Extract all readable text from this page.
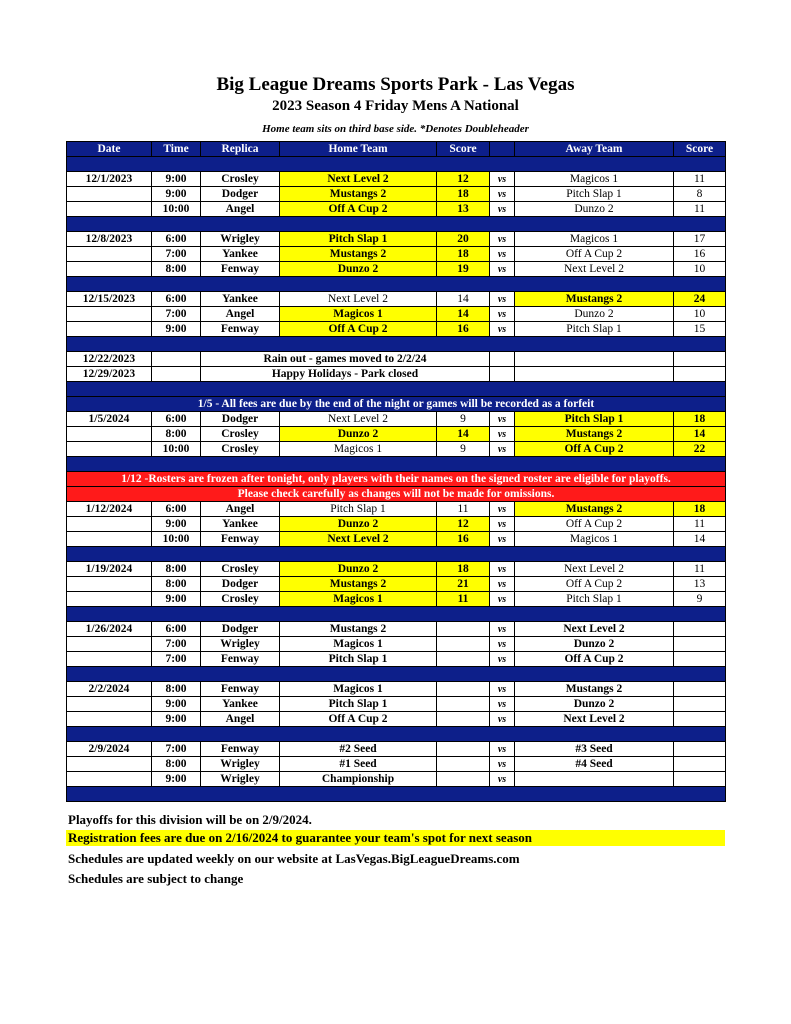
Big League Dreams Sports Park - Las Vegas
2023 Season 4 Friday Mens A National
Home team sits on third base side. *Denotes Doubleheader
Date	Time	Replica	Home Team	Score		Away Team	Score

12/1/2023	9:00	Crosley	Next Level 2	12	vs	Magicos 1	11
	9:00	Dodger	Mustangs 2	18	vs	Pitch Slap 1	8
	10:00	Angel	Off A Cup 2	13	vs	Dunzo 2	11

12/8/2023	6:00	Wrigley	Pitch Slap 1	20	vs	Magicos 1	17
	7:00	Yankee	Mustangs 2	18	vs	Off A Cup 2	16
	8:00	Fenway	Dunzo 2	19	vs	Next Level 2	10

12/15/2023	6:00	Yankee	Next Level 2	14	vs	Mustangs 2	24
	7:00	Angel	Magicos 1	14	vs	Dunzo 2	10
	9:00	Fenway	Off A Cup 2	16	vs	Pitch Slap 1	15

12/22/2023		Rain out - games moved to 2/2/24					
12/29/2023		Happy Holidays - Park closed					

1/5 - All fees are due by the end of the night or games will be recorded as a forfeit							
1/5/2024	6:00	Dodger	Next Level 2	9	vs	Pitch Slap 1	18
	8:00	Crosley	Dunzo 2	14	vs	Mustangs 2	14
	10:00	Crosley	Magicos 1	9	vs	Off A Cup 2	22

1/12 -Rosters are frozen after tonight, only players with their names on the signed roster are eligible for playoffs.							
Please check carefully as changes will not be made for omissions.							
1/12/2024	6:00	Angel	Pitch Slap 1	11	vs	Mustangs 2	18
	9:00	Yankee	Dunzo 2	12	vs	Off A Cup 2	11
	10:00	Fenway	Next Level 2	16	vs	Magicos 1	14

1/19/2024	8:00	Crosley	Dunzo 2	18	vs	Next Level 2	11
	8:00	Dodger	Mustangs 2	21	vs	Off A Cup 2	13
	9:00	Crosley	Magicos 1	11	vs	Pitch Slap 1	9

1/26/2024	6:00	Dodger	Mustangs 2		vs	Next Level 2	
	7:00	Wrigley	Magicos 1		vs	Dunzo 2	
	7:00	Fenway	Pitch Slap 1		vs	Off A Cup 2	

2/2/2024	8:00	Fenway	Magicos 1		vs	Mustangs 2	
	9:00	Yankee	Pitch Slap 1		vs	Dunzo 2	
	9:00	Angel	Off A Cup 2		vs	Next Level 2	

2/9/2024	7:00	Fenway	#2 Seed		vs	#3 Seed	
	8:00	Wrigley	#1 Seed		vs	#4 Seed	
	9:00	Wrigley	Championship		vs		

Playoffs for this division will be on 2/9/2024.
Registration fees are due on 2/16/2024 to guarantee your team's spot for next season
Schedules are updated weekly on our website at LasVegas.BigLeagueDreams.com
Schedules are subject to change
